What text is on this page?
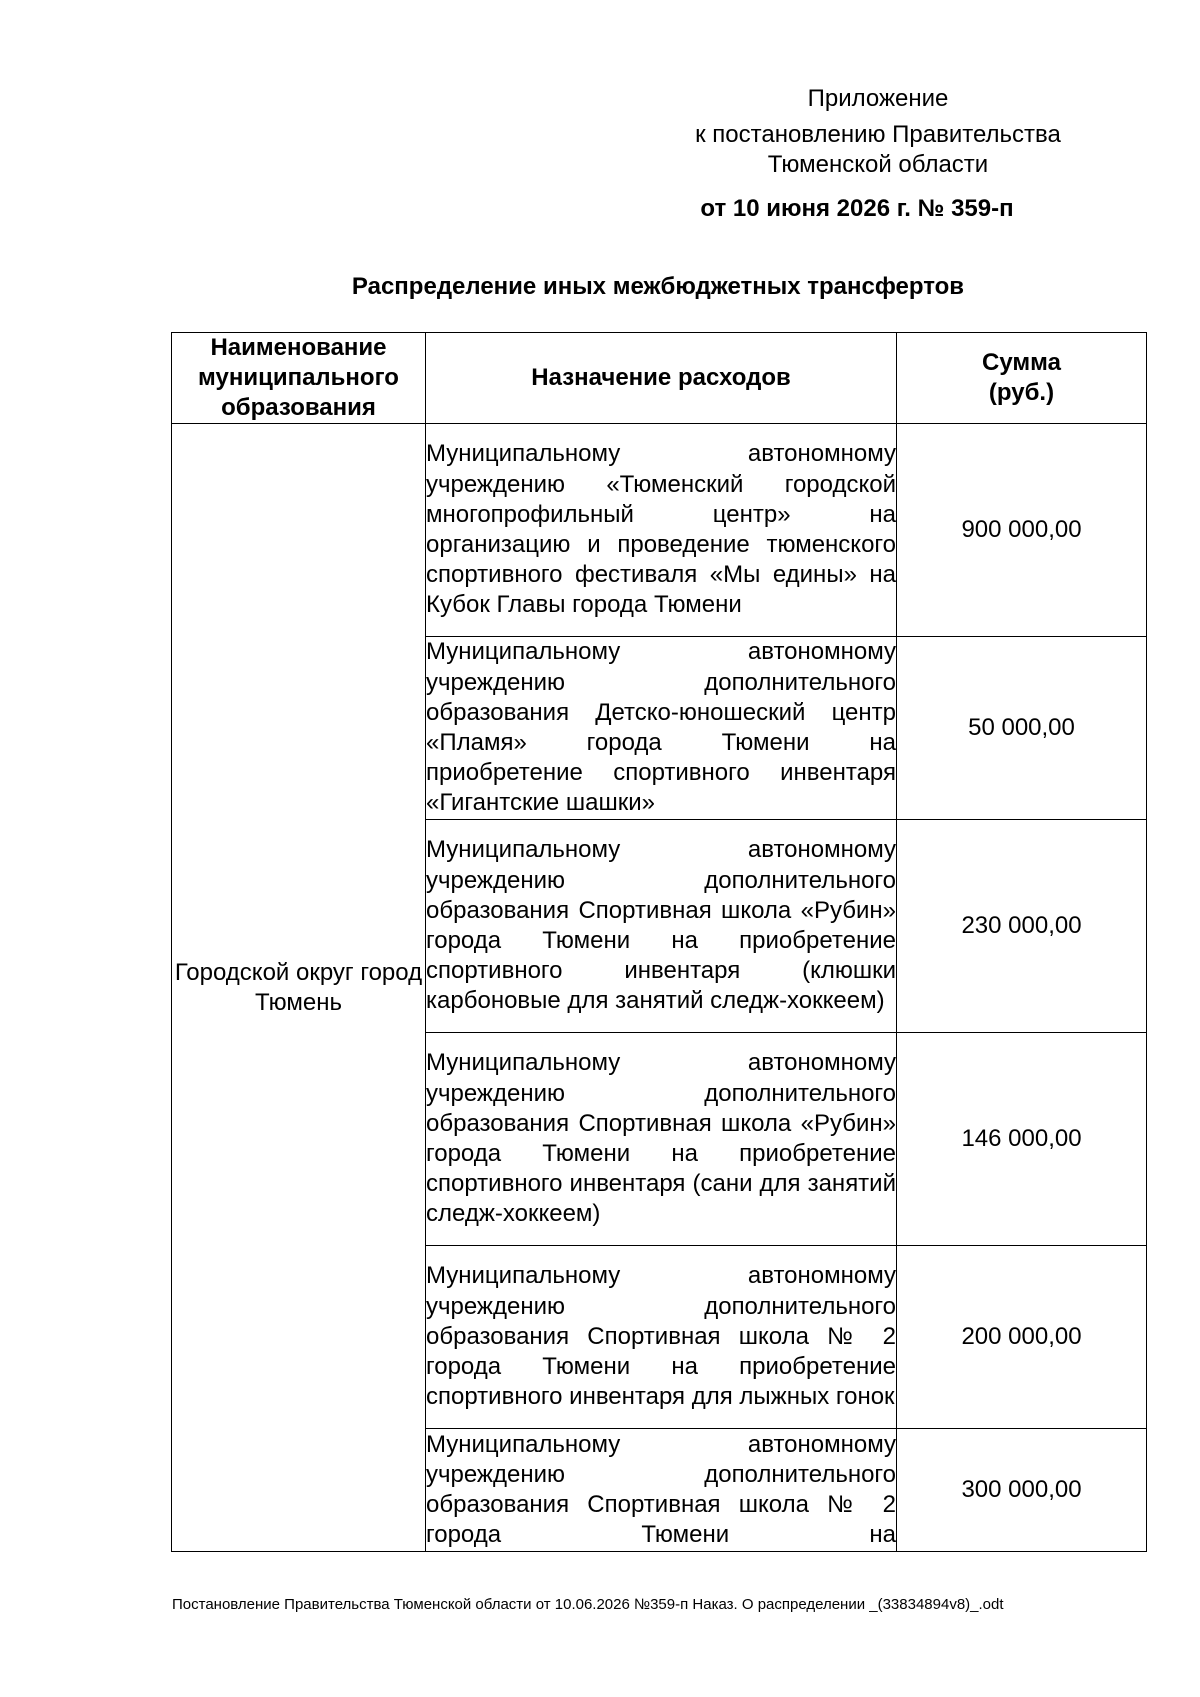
Приложение
к постановлению Правительства
Тюменской области
от 10 июня 2026 г. № 359-п
Распределение иных межбюджетных трансфертов
Наименование муниципального образования	Назначение расходов	Сумма (руб.)

Городской округ город Тюмень	Муниципальному автономному учреждению «Тюменский городской многопрофильный центр» на организацию и проведение тюменского спортивного фестиваля «Мы едины» на Кубок Главы города Тюмени	900 000,00
	Муниципальному автономному учреждению дополнительного образования Детско-юношеский центр «Пламя» города Тюмени на приобретение спортивного инвентаря «Гигантские шашки»	50 000,00
	Муниципальному автономному учреждению дополнительного образования Спортивная школа «Рубин» города Тюмени на приобретение спортивного инвентаря (клюшки карбоновые для занятий следж-хоккеем)	230 000,00
	Муниципальному автономному учреждению дополнительного образования Спортивная школа «Рубин» города Тюмени на приобретение спортивного инвентаря (сани для занятий следж-хоккеем)	146 000,00
	Муниципальному автономному учреждению дополнительного образования Спортивная школа № 2 города Тюмени на приобретение спортивного инвентаря для лыжных гонок	200 000,00
	Муниципальному автономному учреждению дополнительного образования Спортивная школа № 2 города Тюмени на	300 000,00
Постановление Правительства Тюменской области от 10.06.2026 №359-п Наказ. О распределении _(33834894v8)_.odt
